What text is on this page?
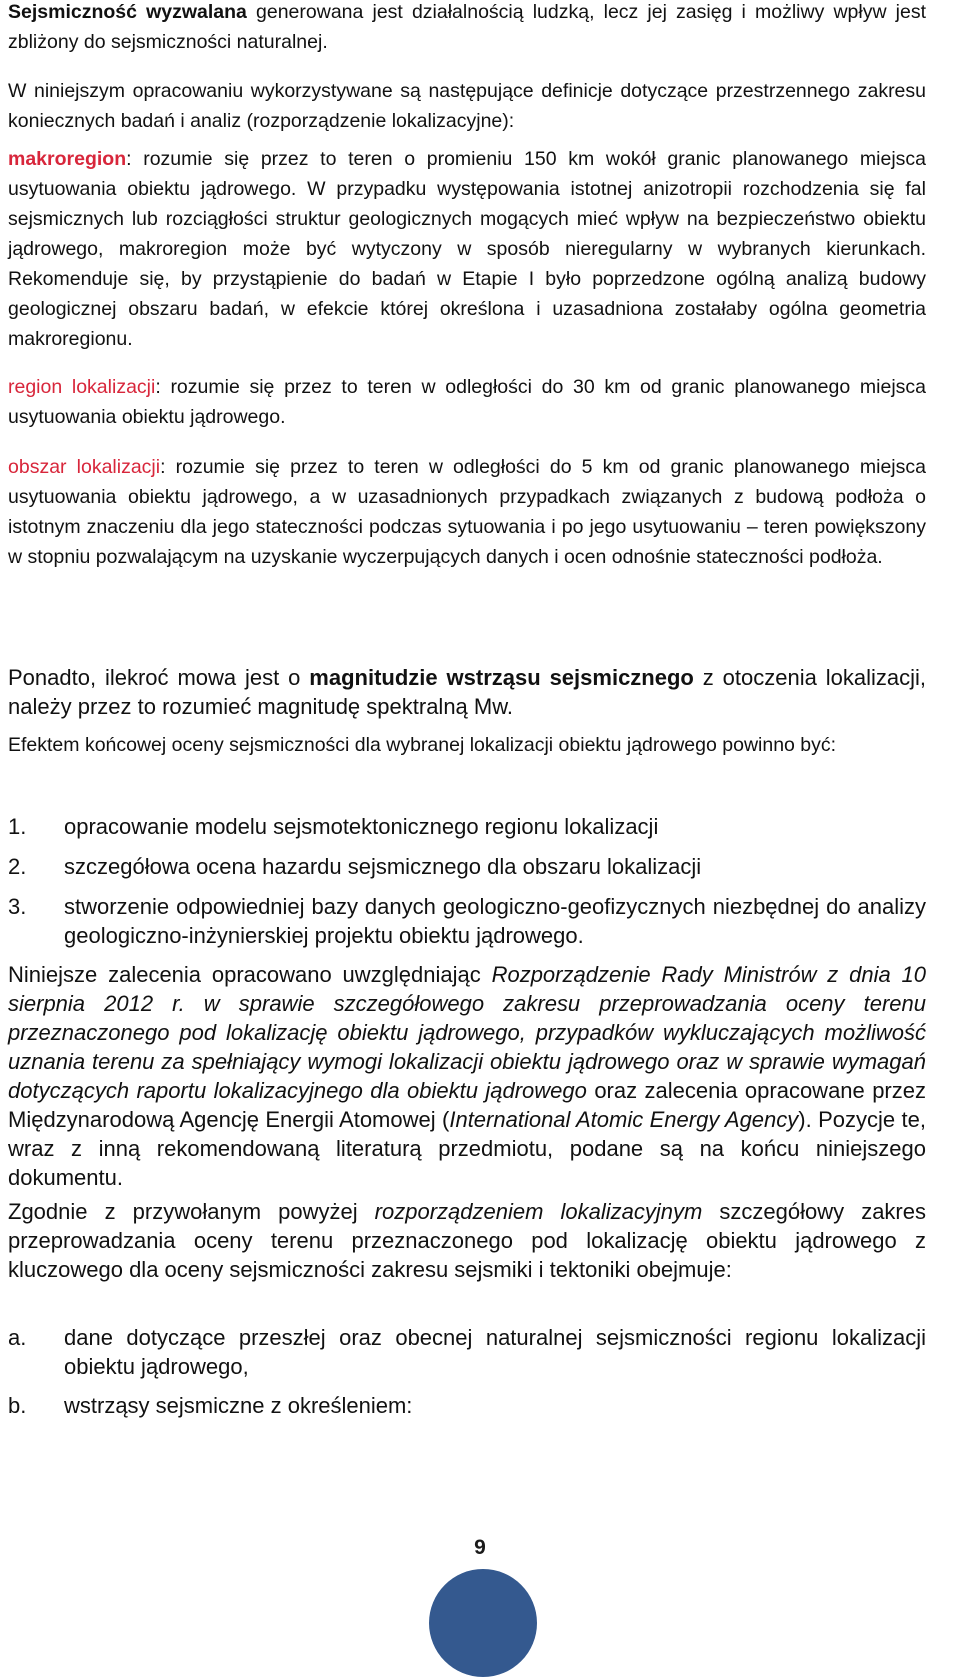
Sejsmiczność wyzwalana generowana jest działalnością ludzką, lecz jej zasięg i możliwy wpływ jest zbliżony do sejsmiczności naturalnej.

W niniejszym opracowaniu wykorzystywane są następujące definicje dotyczące przestrzennego zakresu koniecznych badań i analiz (rozporządzenie lokalizacyjne):

makroregion: rozumie się przez to teren o promieniu 150 km wokół granic planowanego miejsca usytuowania obiektu jądrowego. W przypadku występowania istotnej anizotropii rozchodzenia się fal sejsmicznych lub rozciągłości struktur geologicznych mogących mieć wpływ na bezpieczeństwo obiektu jądrowego, makroregion może być wytyczony w sposób nieregularny w wybranych kierunkach. Rekomenduje się, by przystąpienie do badań w Etapie I było poprzedzone ogólną analizą budowy geologicznej obszaru badań, w efekcie której określona i uzasadniona zostałaby ogólna geometria makroregionu.

region lokalizacji: rozumie się przez to teren w odległości do 30 km od granic planowanego miejsca usytuowania obiektu jądrowego.

obszar lokalizacji: rozumie się przez to teren w odległości do 5 km od granic planowanego miejsca usytuowania obiektu jądrowego, a w uzasadnionych przypadkach związanych z budową podłoża o istotnym znaczeniu dla jego stateczności podczas sytuowania i po jego usytuowaniu – teren powiększony w stopniu pozwalającym na uzyskanie wyczerpujących danych i ocen odnośnie stateczności podłoża.

Ponadto, ilekroć mowa jest o magnitudzie wstrząsu sejsmicznego z otoczenia lokalizacji, należy przez to rozumieć magnitudę spektralną Mw.

Efektem końcowej oceny sejsmiczności dla wybranej lokalizacji obiektu jądrowego powinno być:

1.	opracowanie modelu sejsmotektonicznego regionu lokalizacji
2.	szczegółowa ocena hazardu sejsmicznego dla obszaru lokalizacji
3.	stworzenie odpowiedniej bazy danych geologiczno-geofizycznych niezbędnej do analizy geologiczno-inżynierskiej projektu obiektu jądrowego.

Niniejsze zalecenia opracowano uwzględniając Rozporządzenie Rady Ministrów z dnia 10 sierpnia 2012 r. w sprawie szczegółowego zakresu przeprowadzania oceny terenu przeznaczonego pod lokalizację obiektu jądrowego, przypadków wykluczających możliwość uznania terenu za spełniający wymogi lokalizacji obiektu jądrowego oraz w sprawie wymagań dotyczących raportu lokalizacyjnego dla obiektu jądrowego oraz zalecenia opracowane przez Międzynarodową Agencję Energii Atomowej (International Atomic Energy Agency). Pozycje te, wraz z inną rekomendowaną literaturą przedmiotu, podane są na końcu niniejszego dokumentu.

Zgodnie z przywołanym powyżej rozporządzeniem lokalizacyjnym szczegółowy zakres przeprowadzania oceny terenu przeznaczonego pod lokalizację obiektu jądrowego z kluczowego dla oceny sejsmiczności zakresu sejsmiki i tektoniki obejmuje:

a.	dane dotyczące przeszłej oraz obecnej naturalnej sejsmiczności regionu lokalizacji obiektu jądrowego,
b.	wstrząsy sejsmiczne z określeniem:
9
